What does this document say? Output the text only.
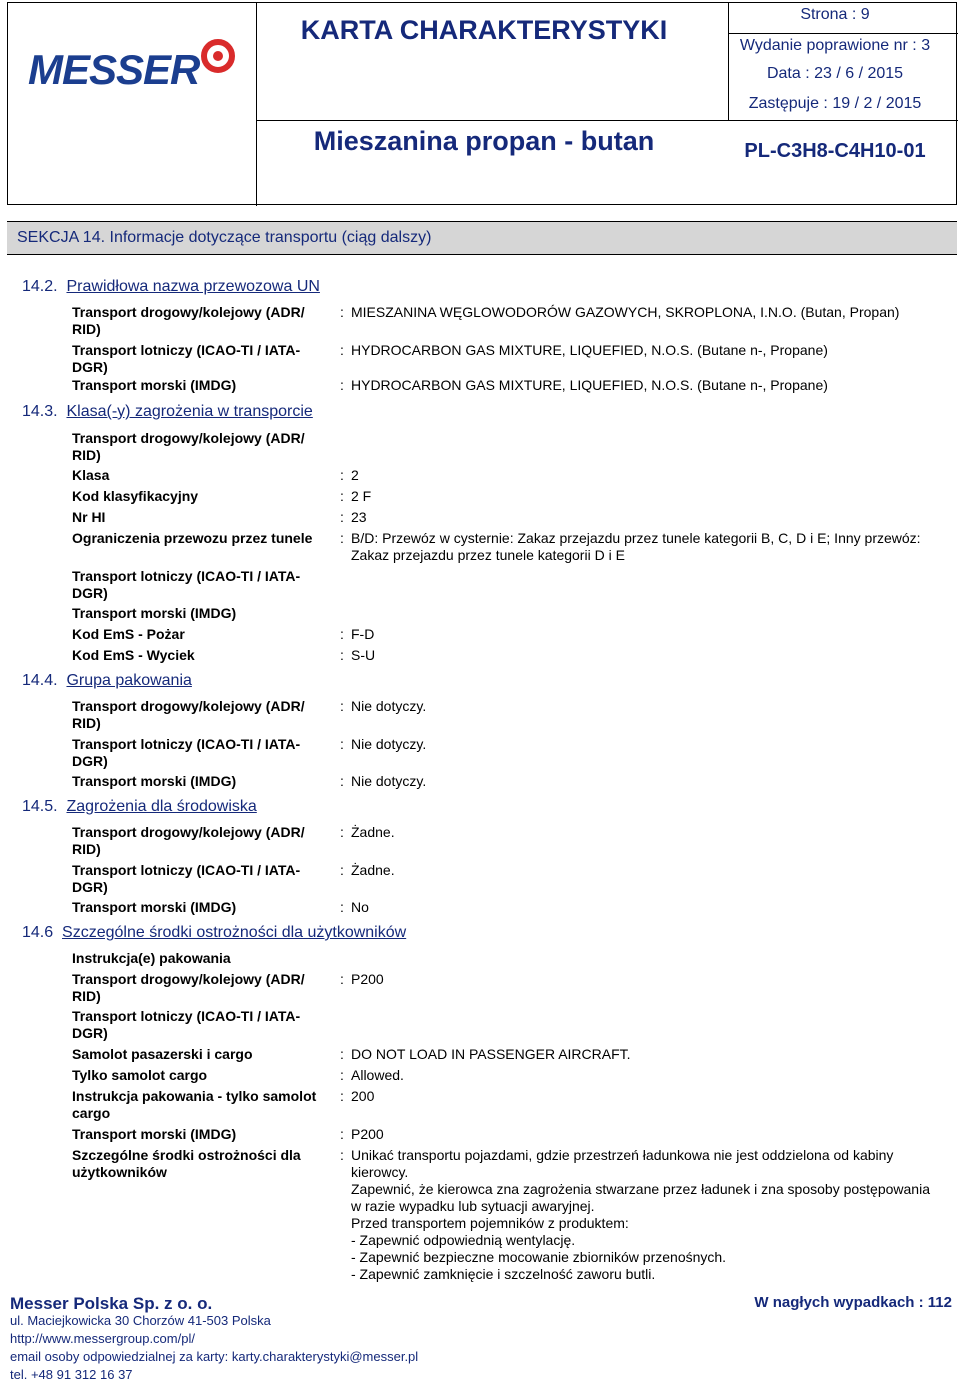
MESSER
KARTA CHARAKTERYSTYKI
Strona : 9
Wydanie poprawione nr : 3
Data : 23 / 6 / 2015
Zastępuje : 19 / 2 / 2015
Mieszanina propan - butan	PL-C3H8-C4H10-01
SEKCJA 14. Informacje dotyczące transportu (ciąg dalszy)
14.2. Prawidłowa nazwa przewozowa UN
Transport drogowy/kolejowy (ADR/ RID)
: MIESZANINA WĘGLOWODORÓW GAZOWYCH, SKROPLONA, I.N.O. (Butan, Propan)
Transport lotniczy (ICAO-TI / IATA-DGR)
: HYDROCARBON GAS MIXTURE, LIQUEFIED, N.O.S. (Butane n-, Propane)
Transport morski (IMDG)	: HYDROCARBON GAS MIXTURE, LIQUEFIED, N.O.S. (Butane n-, Propane)
14.3. Klasa(-y) zagrożenia w transporcie
Transport drogowy/kolejowy (ADR/ RID)
Klasa	: 2
Kod klasyfikacyjny	: 2 F
Nr HI	: 23
Ograniczenia przewozu przez tunele	: B/D: Przewóz w cysternie: Zakaz przejazdu przez tunele kategorii B, C, D i E; Inny przewóz: Zakaz przejazdu przez tunele kategorii D i E
Transport lotniczy (ICAO-TI / IATA-DGR)
Transport morski (IMDG)
Kod EmS - Pożar	: F-D
Kod EmS - Wyciek	: S-U
14.4. Grupa pakowania
Transport drogowy/kolejowy (ADR/ RID)
: Nie dotyczy.
Transport lotniczy (ICAO-TI / IATA-DGR)
: Nie dotyczy.
Transport morski (IMDG)	: Nie dotyczy.
14.5. Zagrożenia dla środowiska
Transport drogowy/kolejowy (ADR/ RID)
: Żadne.
Transport lotniczy (ICAO-TI / IATA-DGR)
: Żadne.
Transport morski (IMDG)	: No
14.6 Szczególne środki ostrożności dla użytkowników
Instrukcja(e) pakowania
Transport drogowy/kolejowy (ADR/ RID)
: P200
Transport lotniczy (ICAO-TI / IATA-DGR)
Samolot pasazerski i cargo	: DO NOT LOAD IN PASSENGER AIRCRAFT.
Tylko samolot cargo	: Allowed.
Instrukcja pakowania - tylko samolot cargo
: 200
Transport morski (IMDG)	: P200
Szczególne środki ostrożności dla użytkowników
: Unikać transportu pojazdami, gdzie przestrzeń ładunkowa nie jest oddzielona od kabiny kierowcy.
Zapewnić, że kierowca zna zagrożenia stwarzane przez ładunek i zna sposoby postępowania w razie wypadku lub sytuacji awaryjnej.
Przed transportem pojemników z produktem:
- Zapewnić odpowiednią wentylację.
- Zapewnić bezpieczne mocowanie zbiorników przenośnych.
- Zapewnić zamknięcie i szczelność zaworu butli.
Messer Polska Sp. z o. o.	W nagłych wypadkach : 112
ul. Maciejkowicka 30 Chorzów 41-503 Polska
http://www.messergroup.com/pl/
email osoby odpowiedzialnej za karty: karty.charakterystyki@messer.pl
tel. +48 91 312 16 37
